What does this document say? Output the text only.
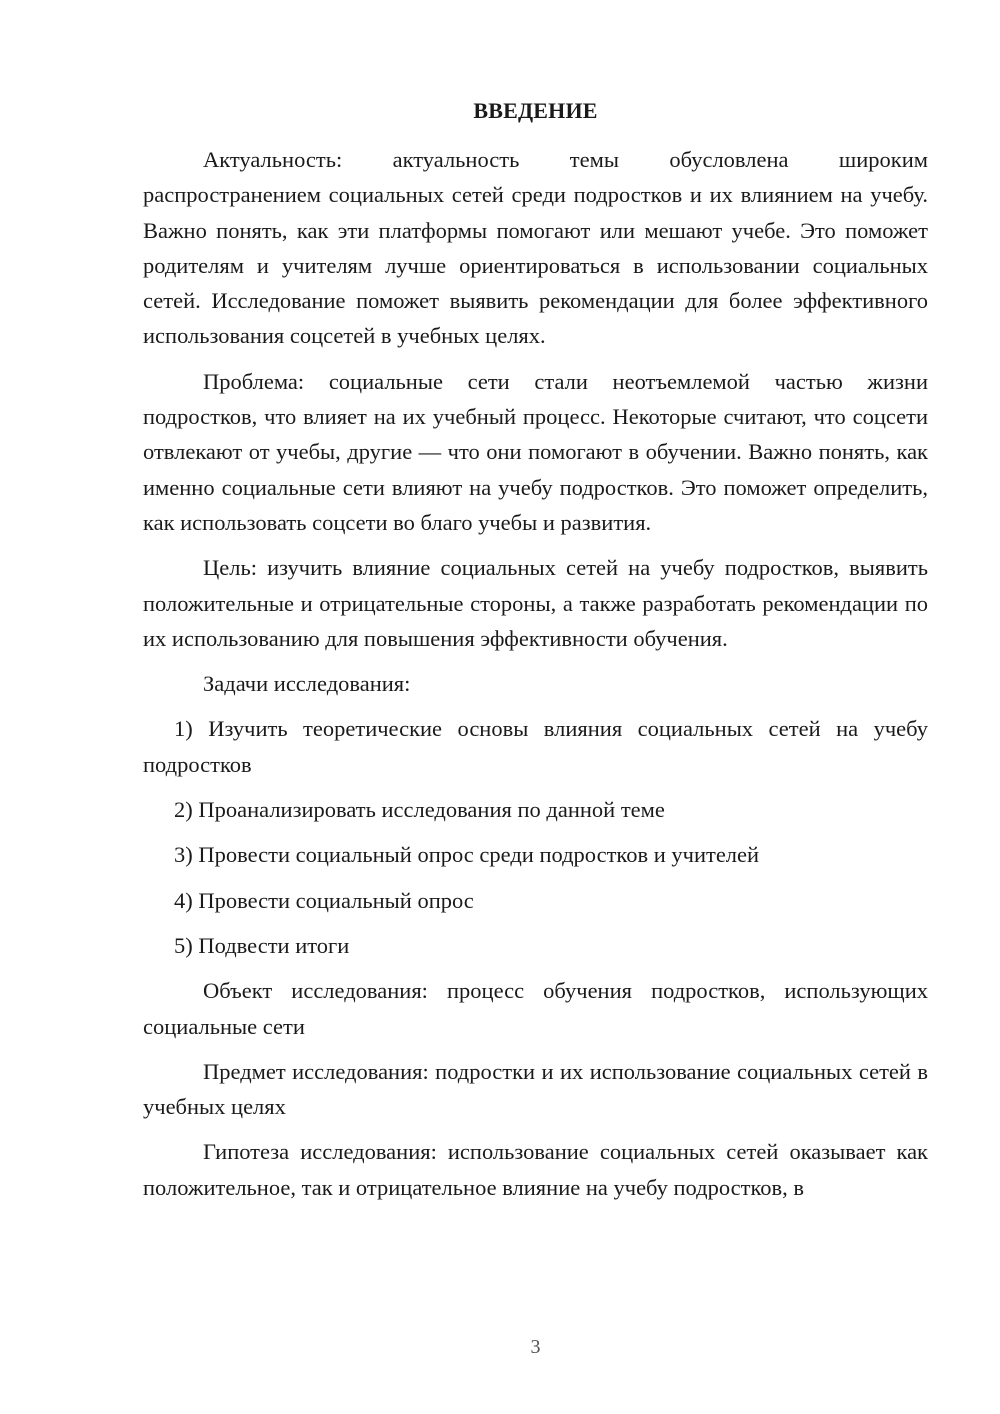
ВВЕДЕНИЕ

Актуальность: актуальность темы обусловлена широким распространением социальных сетей среди подростков и их влиянием на учебу. Важно понять, как эти платформы помогают или мешают учебе. Это поможет родителям и учителям лучше ориентироваться в использовании социальных сетей. Исследование поможет выявить рекомендации для более эффективного использования соцсетей в учебных целях.

Проблема: социальные сети стали неотъемлемой частью жизни подростков, что влияет на их учебный процесс. Некоторые считают, что соцсети отвлекают от учебы, другие — что они помогают в обучении. Важно понять, как именно социальные сети влияют на учебу подростков. Это поможет определить, как использовать соцсети во благо учебы и развития.

Цель: изучить влияние социальных сетей на учебу подростков, выявить положительные и отрицательные стороны, а также разработать рекомендации по их использованию для повышения эффективности обучения.

Задачи исследования:

1) Изучить теоретические основы влияния социальных сетей на учебу подростков

2) Проанализировать исследования по данной теме

3) Провести социальный опрос среди подростков и учителей

4) Провести социальный опрос

5) Подвести итоги

Объект исследования: процесс обучения подростков, использующих социальные сети

Предмет исследования: подростки и их использование социальных сетей в учебных целях

Гипотеза исследования: использование социальных сетей оказывает как положительное, так и отрицательное влияние на учебу подростков, в

3
